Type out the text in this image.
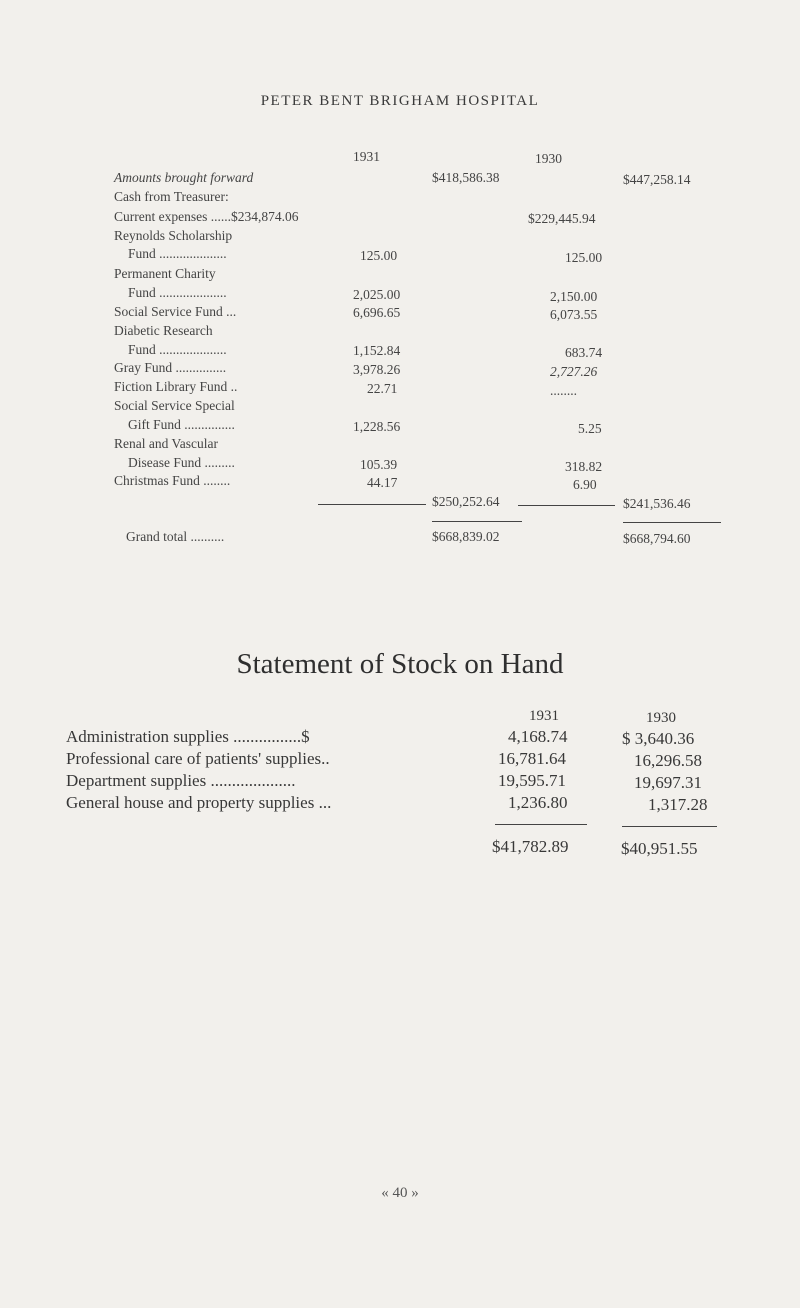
PETER BENT BRIGHAM HOSPITAL
1931	1930
Amounts brought forward	$418,586.38	$447,258.14
Cash from Treasurer:
Current expenses ......$234,874.06	$229,445.94
Reynolds Scholarship
Fund ....................	125.00	125.00
Permanent Charity
Fund ....................	2,025.00	2,150.00
Social Service Fund ...	6,696.65	6,073.55
Diabetic Research
Fund ....................	1,152.84	683.74
Gray Fund ...............	3,978.26	2,727.26
Fiction Library Fund ..	22.71	........
Social Service Special
Gift Fund ...............	1,228.56	5.25
Renal and Vascular
Disease Fund .........	105.39	318.82
Christmas Fund ........	44.17	6.90
$250,252.64	$241,536.46
Grand total ..........	$668,839.02	$668,794.60
Statement of Stock on Hand
1931	1930
Administration supplies ................$	4,168.74	$ 3,640.36
Professional care of patients' supplies..	16,781.64	16,296.58
Department supplies ....................	19,595.71	19,697.31
General house and property supplies ...	1,236.80	1,317.28
$41,782.89	$40,951.55
« 40 »
